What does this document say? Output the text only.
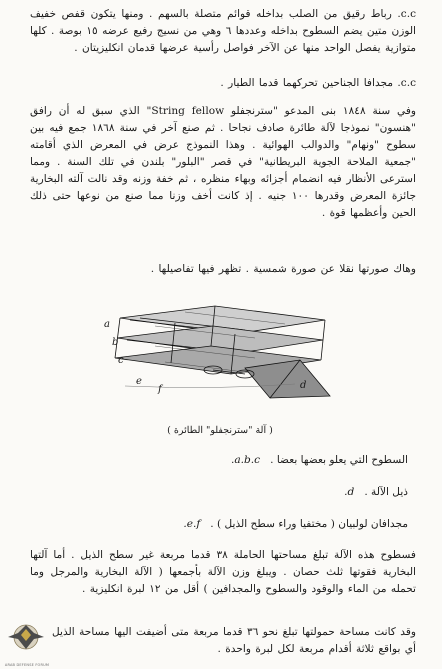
c.c. رباط رقيق من الصلب بداخله قوائم متصلة بالسهم . ومنها يتكون قفص خفيف الوزن متين يضم السطوح بداخله وعددها ٦ وهي من نسيج رفيع عرضه ١٥ بوصة . كلها متوازية يفصل الواحد منها عن الآخر فواصل رأسية عرضها قدمان انكليزيتان .
c.c. مجدافا الجناحين تحركهما قدما الطيار .
وفي سنة ١٨٤٨ بنى المدعو "سترنجفلو String fellow" الذي سبق له أن رافق "هنسون" نموذجا لآلة طائرة صادف نجاحا . ثم صنع آخر في سنة ١٨٦٨ جمع فيه بين سطوح "ونهام" والدوالب الهوائية . وهذا النموذج عرض في المعرض الذي أقامته "جمعية الملاحة الجوية البريطانية" في قصر "البلور" بلندن في تلك السنة . ومما استرعى الأنظار فيه انضمام أجزائه وبهاء منظره ، ثم خفة وزنه وقد نالت آلته البخارية جائزة المعرض وقدرها ١٠٠ جنيه . إذ كانت أخف وزنا مما صنع من نوعها حتى ذلك الحين وأعظمها قوة .
وهاك صورتها نقلا عن صورة شمسية . تظهر فيها تفاصيلها .
a
b
c
e
f	d
( آلة "سترنجفلو" الطائرة )
السطوح التي يعلو بعضها بعضا .
a.b.c.
ذيل الآلة .
d.
مجدافان لولبيان ( مختفيا وراء سطح الذيل ) .
e.f.
فسطوح هذه الآلة تبلغ مساحتها الحاملة ٣٨ قدما مربعة غير سطح الذيل . أما آلتها البخارية فقوتها ثلث حصان . ويبلغ وزن الآلة بأجمعها ( الآلة البخارية والمرجل وما تحمله من الماء والوقود والسطوح والمجدافين ) أقل من ١٢ لبرة انكليزية .
وقد كانت مساحة حمولتها تبلغ نحو ٣٦ قدما مربعة متى أضيفت اليها مساحة الذيل أي بواقع ثلاثة أقدام مربعة لكل لبرة واحدة .
ARAB DEFENSE FORUM
